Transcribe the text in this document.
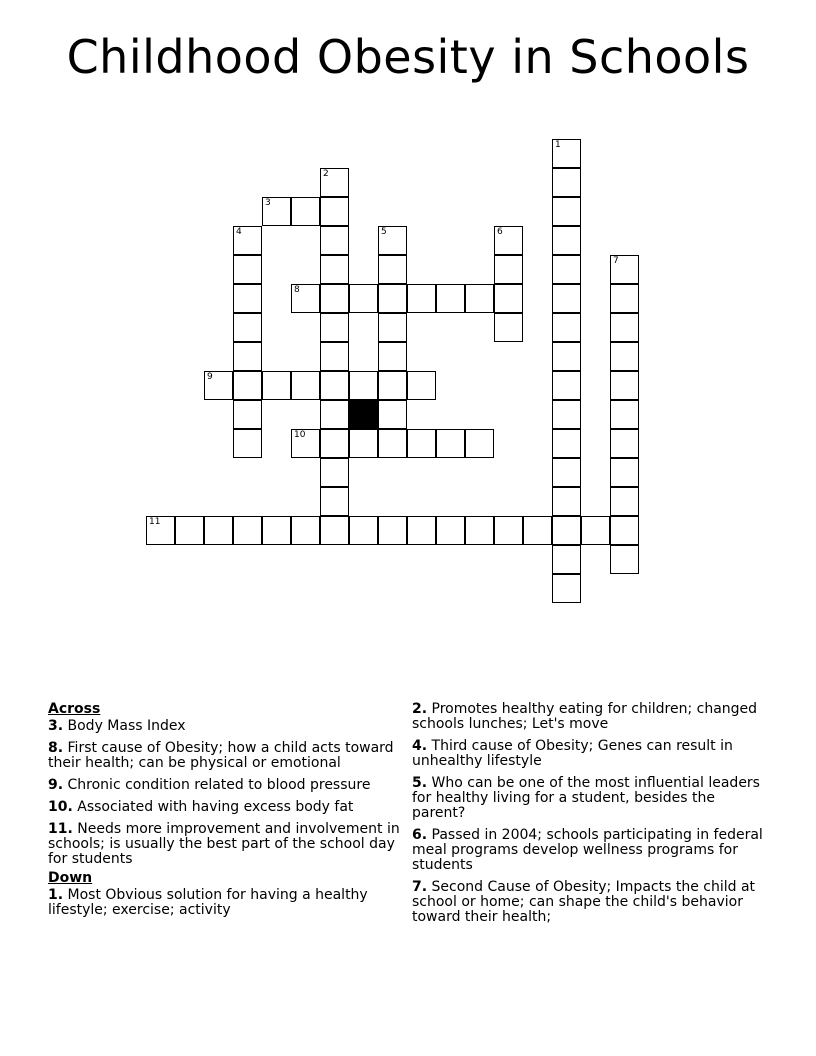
Childhood Obesity in Schools
1
2
3
4	5	6
7
8
9
10
11
Across
3. Body Mass Index
8. First cause of Obesity; how a child acts toward their health; can be physical or emotional
9. Chronic condition related to blood pressure
10. Associated with having excess body fat
11. Needs more improvement and involvement in schools; is usually the best part of the school day for students
Down
1. Most Obvious solution for having a healthy lifestyle; exercise; activity
2. Promotes healthy eating for children; changed schools lunches; Let's move
4. Third cause of Obesity; Genes can result in unhealthy lifestyle
5. Who can be one of the most influential leaders for healthy living for a student, besides the parent?
6. Passed in 2004; schools participating in federal meal programs develop wellness programs for students
7. Second Cause of Obesity; Impacts the child at school or home; can shape the child's behavior toward their health;
